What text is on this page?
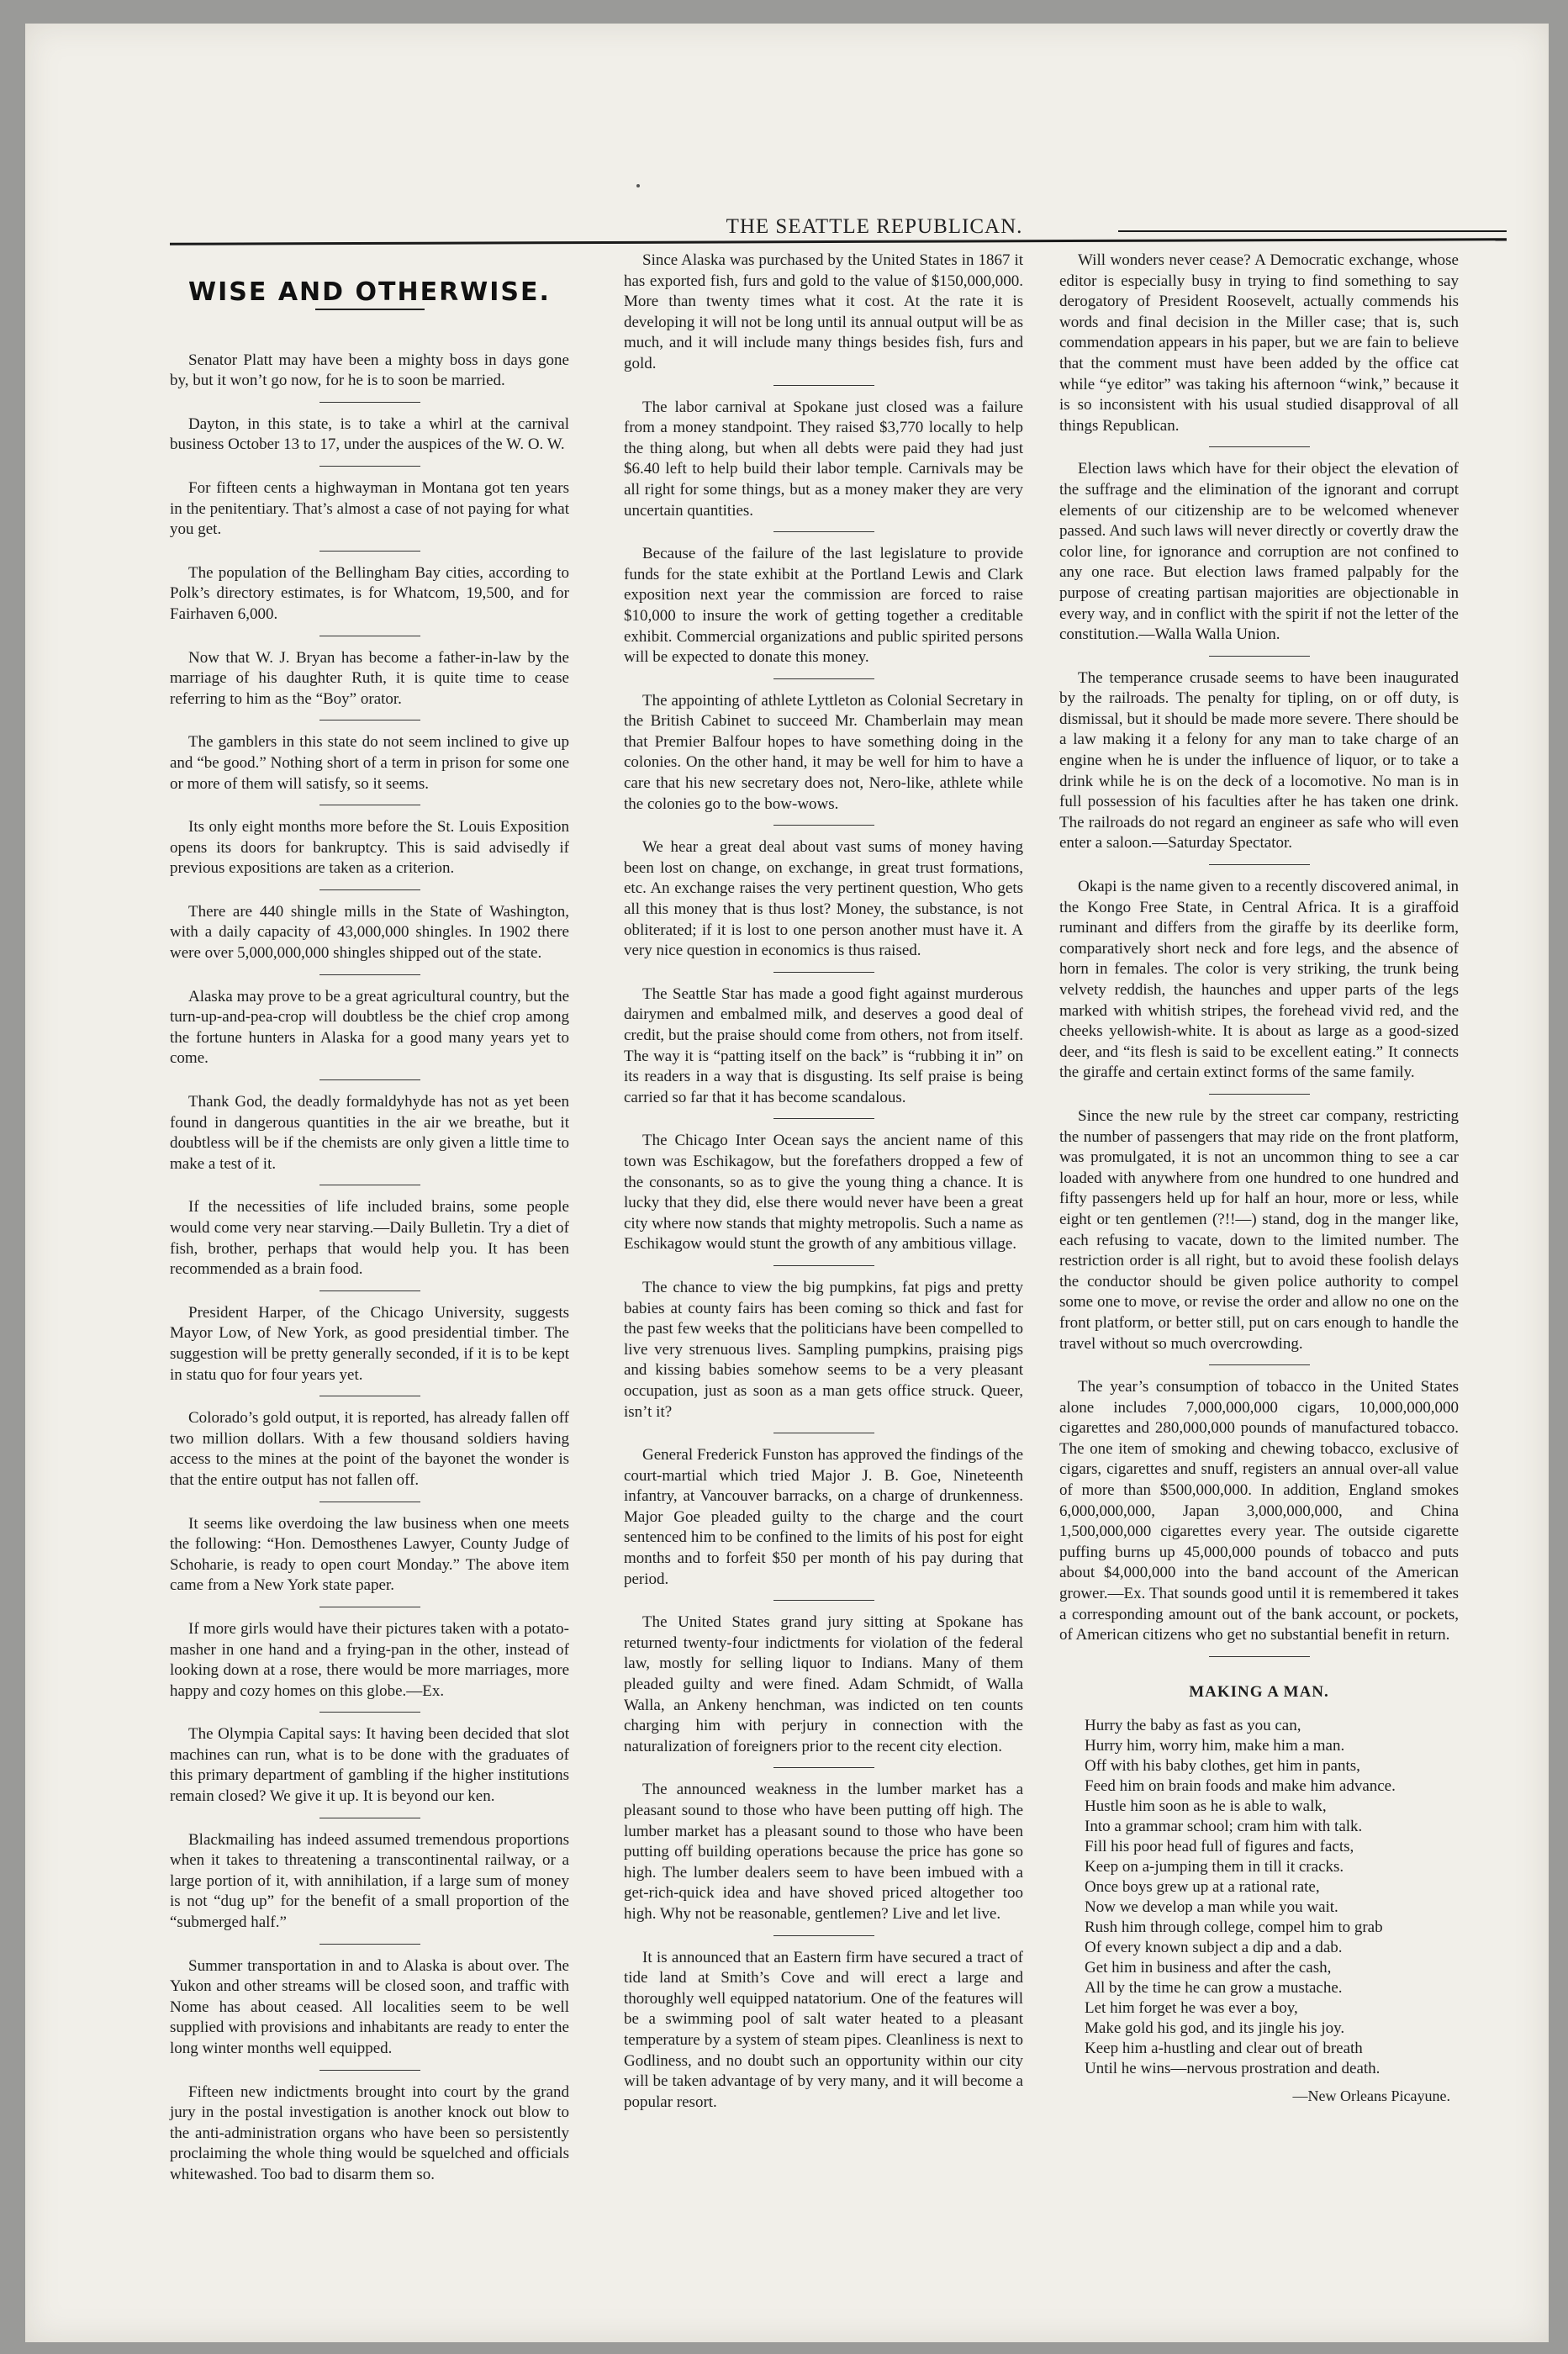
THE SEATTLE REPUBLICAN.
WISE AND OTHERWISE.

Senator Platt may have been a mighty boss in days gone by, but it won’t go now, for he is to soon be married.

Dayton, in this state, is to take a whirl at the carnival business October 13 to 17, under the auspices of the W. O. W.

For fifteen cents a highwayman in Montana got ten years in the penitentiary. That’s almost a case of not paying for what you get.

The population of the Bellingham Bay cities, according to Polk’s directory estimates, is for Whatcom, 19,500, and for Fairhaven 6,000.

Now that W. J. Bryan has become a father-in-law by the marriage of his daughter Ruth, it is quite time to cease referring to him as the “Boy” orator.

The gamblers in this state do not seem inclined to give up and “be good.” Nothing short of a term in prison for some one or more of them will satisfy, so it seems.

Its only eight months more before the St. Louis Exposition opens its doors for bankruptcy. This is said advisedly if previous expositions are taken as a criterion.

There are 440 shingle mills in the State of Washington, with a daily capacity of 43,000,000 shingles. In 1902 there were over 5,000,000,000 shingles shipped out of the state.

Alaska may prove to be a great agricultural country, but the turn-up-and-pea-crop will doubtless be the chief crop among the fortune hunters in Alaska for a good many years yet to come.

Thank God, the deadly formaldyhyde has not as yet been found in dangerous quantities in the air we breathe, but it doubtless will be if the chemists are only given a little time to make a test of it.

If the necessities of life included brains, some people would come very near starving.—Daily Bulletin. Try a diet of fish, brother, perhaps that would help you. It has been recommended as a brain food.

President Harper, of the Chicago University, suggests Mayor Low, of New York, as good presidential timber. The suggestion will be pretty generally seconded, if it is to be kept in statu quo for four years yet.

Colorado’s gold output, it is reported, has already fallen off two million dollars. With a few thousand soldiers having access to the mines at the point of the bayonet the wonder is that the entire output has not fallen off.

It seems like overdoing the law business when one meets the following: “Hon. Demosthenes Lawyer, County Judge of Schoharie, is ready to open court Monday.” The above item came from a New York state paper.

If more girls would have their pictures taken with a potato-masher in one hand and a frying-pan in the other, instead of looking down at a rose, there would be more marriages, more happy and cozy homes on this globe.—Ex.

The Olympia Capital says: It having been decided that slot machines can run, what is to be done with the graduates of this primary department of gambling if the higher institutions remain closed? We give it up. It is beyond our ken.

Blackmailing has indeed assumed tremendous proportions when it takes to threatening a transcontinental railway, or a large portion of it, with annihilation, if a large sum of money is not “dug up” for the benefit of a small proportion of the “submerged half.”

Summer transportation in and to Alaska is about over. The Yukon and other streams will be closed soon, and traffic with Nome has about ceased. All localities seem to be well supplied with provisions and inhabitants are ready to enter the long winter months well equipped.

Fifteen new indictments brought into court by the grand jury in the postal investigation is another knock out blow to the anti-administration organs who have been so persistently proclaiming the whole thing would be squelched and officials whitewashed. Too bad to disarm them so.

Since Alaska was purchased by the United States in 1867 it has exported fish, furs and gold to the value of $150,000,000. More than twenty times what it cost. At the rate it is developing it will not be long until its annual output will be as much, and it will include many things besides fish, furs and gold.

The labor carnival at Spokane just closed was a failure from a money standpoint. They raised $3,770 locally to help the thing along, but when all debts were paid they had just $6.40 left to help build their labor temple. Carnivals may be all right for some things, but as a money maker they are very uncertain quantities.

Because of the failure of the last legislature to provide funds for the state exhibit at the Portland Lewis and Clark exposition next year the commission are forced to raise $10,000 to insure the work of getting together a creditable exhibit. Commercial organizations and public spirited persons will be expected to donate this money.

The appointing of athlete Lyttleton as Colonial Secretary in the British Cabinet to succeed Mr. Chamberlain may mean that Premier Balfour hopes to have something doing in the colonies. On the other hand, it may be well for him to have a care that his new secretary does not, Nero-like, athlete while the colonies go to the bow-wows.

We hear a great deal about vast sums of money having been lost on change, on exchange, in great trust formations, etc. An exchange raises the very pertinent question, Who gets all this money that is thus lost? Money, the substance, is not obliterated; if it is lost to one person another must have it. A very nice question in economics is thus raised.

The Seattle Star has made a good fight against murderous dairymen and embalmed milk, and deserves a good deal of credit, but the praise should come from others, not from itself. The way it is “patting itself on the back” is “rubbing it in” on its readers in a way that is disgusting. Its self praise is being carried so far that it has become scandalous.

The Chicago Inter Ocean says the ancient name of this town was Eschikagow, but the forefathers dropped a few of the consonants, so as to give the young thing a chance. It is lucky that they did, else there would never have been a great city where now stands that mighty metropolis. Such a name as Eschikagow would stunt the growth of any ambitious village.

The chance to view the big pumpkins, fat pigs and pretty babies at county fairs has been coming so thick and fast for the past few weeks that the politicians have been compelled to live very strenuous lives. Sampling pumpkins, praising pigs and kissing babies somehow seems to be a very pleasant occupation, just as soon as a man gets office struck. Queer, isn’t it?

General Frederick Funston has approved the findings of the court-martial which tried Major J. B. Goe, Nineteenth infantry, at Vancouver barracks, on a charge of drunkenness. Major Goe pleaded guilty to the charge and the court sentenced him to be confined to the limits of his post for eight months and to forfeit $50 per month of his pay during that period.

The United States grand jury sitting at Spokane has returned twenty-four indictments for violation of the federal law, mostly for selling liquor to Indians. Many of them pleaded guilty and were fined. Adam Schmidt, of Walla Walla, an Ankeny henchman, was indicted on ten counts charging him with perjury in connection with the naturalization of foreigners prior to the recent city election.

The announced weakness in the lumber market has a pleasant sound to those who have been putting off high. The lumber market has a pleasant sound to those who have been putting off building operations because the price has gone so high. The lumber dealers seem to have been imbued with a get-rich-quick idea and have shoved priced altogether too high. Why not be reasonable, gentlemen? Live and let live.

It is announced that an Eastern firm have secured a tract of tide land at Smith’s Cove and will erect a large and thoroughly well equipped natatorium. One of the features will be a swimming pool of salt water heated to a pleasant temperature by a system of steam pipes. Cleanliness is next to Godliness, and no doubt such an opportunity within our city will be taken advantage of by very many, and it will become a popular resort.

Will wonders never cease? A Democratic exchange, whose editor is especially busy in trying to find something to say derogatory of President Roosevelt, actually commends his words and final decision in the Miller case; that is, such commendation appears in his paper, but we are fain to believe that the comment must have been added by the office cat while “ye editor” was taking his afternoon “wink,” because it is so inconsistent with his usual studied disapproval of all things Republican.

Election laws which have for their object the elevation of the suffrage and the elimination of the ignorant and corrupt elements of our citizenship are to be welcomed whenever passed. And such laws will never directly or covertly draw the color line, for ignorance and corruption are not confined to any one race. But election laws framed palpably for the purpose of creating partisan majorities are objectionable in every way, and in conflict with the spirit if not the letter of the constitution.—Walla Walla Union.

The temperance crusade seems to have been inaugurated by the railroads. The penalty for tipling, on or off duty, is dismissal, but it should be made more severe. There should be a law making it a felony for any man to take charge of an engine when he is under the influence of liquor, or to take a drink while he is on the deck of a locomotive. No man is in full possession of his faculties after he has taken one drink. The railroads do not regard an engineer as safe who will even enter a saloon.—Saturday Spectator.

Okapi is the name given to a recently discovered animal, in the Kongo Free State, in Central Africa. It is a giraffoid ruminant and differs from the giraffe by its deerlike form, comparatively short neck and fore legs, and the absence of horn in females. The color is very striking, the trunk being velvety reddish, the haunches and upper parts of the legs marked with whitish stripes, the forehead vivid red, and the cheeks yellowish-white. It is about as large as a good-sized deer, and “its flesh is said to be excellent eating.” It connects the giraffe and certain extinct forms of the same family.

Since the new rule by the street car company, restricting the number of passengers that may ride on the front platform, was promulgated, it is not an uncommon thing to see a car loaded with anywhere from one hundred to one hundred and fifty passengers held up for half an hour, more or less, while eight or ten gentlemen (?!!—) stand, dog in the manger like, each refusing to vacate, down to the limited number. The restriction order is all right, but to avoid these foolish delays the conductor should be given police authority to compel some one to move, or revise the order and allow no one on the front platform, or better still, put on cars enough to handle the travel without so much overcrowding.

The year’s consumption of tobacco in the United States alone includes 7,000,000,000 cigars, 10,000,000,000 cigarettes and 280,000,000 pounds of manufactured tobacco. The one item of smoking and chewing tobacco, exclusive of cigars, cigarettes and snuff, registers an annual over-all value of more than $500,000,000. In addition, England smokes 6,000,000,000, Japan 3,000,000,000, and China 1,500,000,000 cigarettes every year. The outside cigarette puffing burns up 45,000,000 pounds of tobacco and puts about $4,000,000 into the band account of the American grower.—Ex. That sounds good until it is remembered it takes a corresponding amount out of the bank account, or pockets, of American citizens who get no substantial benefit in return.

MAKING A MAN.
Hurry the baby as fast as you can,
Hurry him, worry him, make him a man.
Off with his baby clothes, get him in pants,
Feed him on brain foods and make him advance.
Hustle him soon as he is able to walk,
Into a grammar school; cram him with talk.
Fill his poor head full of figures and facts,
Keep on a-jumping them in till it cracks.
Once boys grew up at a rational rate,
Now we develop a man while you wait.
Rush him through college, compel him to grab
Of every known subject a dip and a dab.
Get him in business and after the cash,
All by the time he can grow a mustache.
Let him forget he was ever a boy,
Make gold his god, and its jingle his joy.
Keep him a-hustling and clear out of breath
Until he wins—nervous prostration and death.
—New Orleans Picayune.
